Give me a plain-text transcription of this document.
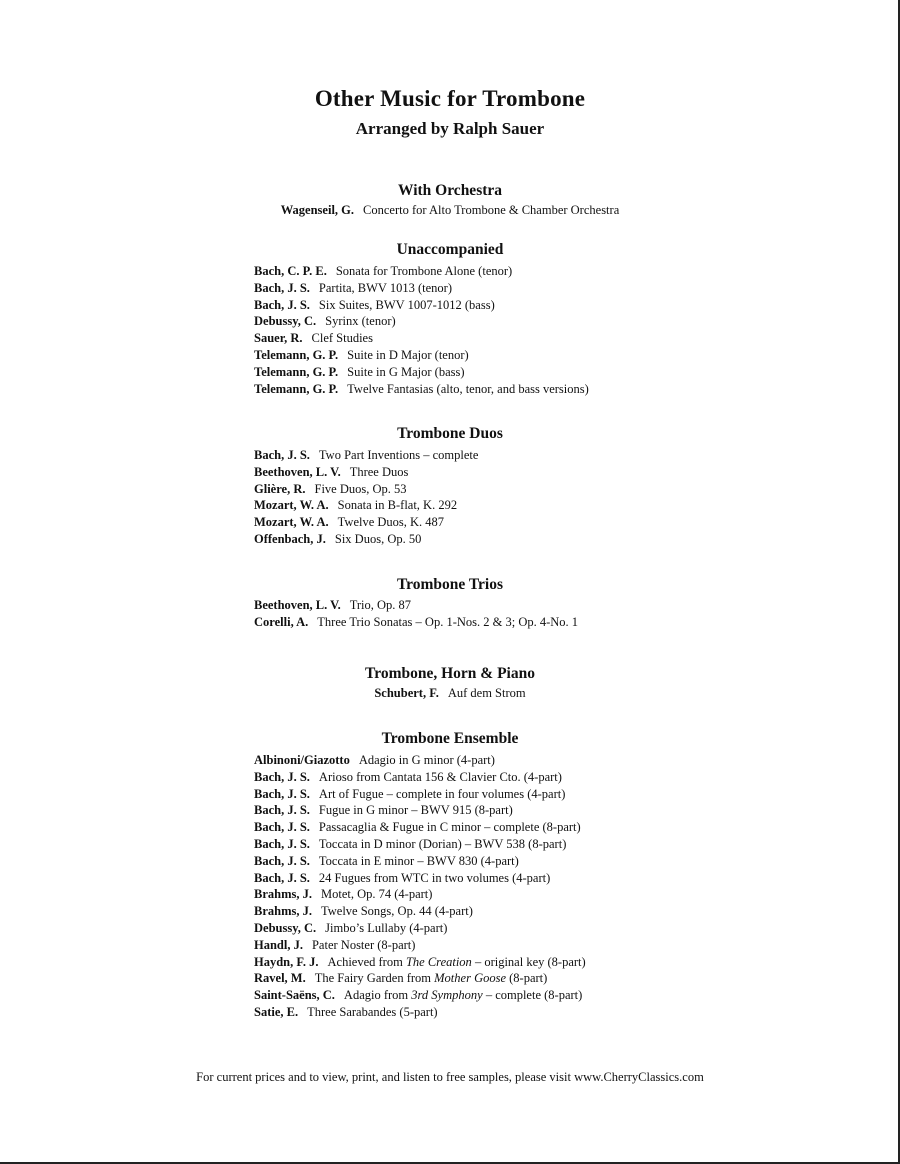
Other Music for Trombone
Arranged by Ralph Sauer
With Orchestra
Wagenseil, G. Concerto for Alto Trombone & Chamber Orchestra
Unaccompanied
Bach, C. P. E. Sonata for Trombone Alone (tenor)
Bach, J. S. Partita, BWV 1013 (tenor)
Bach, J. S. Six Suites, BWV 1007-1012 (bass)
Debussy, C. Syrinx (tenor)
Sauer, R. Clef Studies
Telemann, G. P. Suite in D Major (tenor)
Telemann, G. P. Suite in G Major (bass)
Telemann, G. P. Twelve Fantasias (alto, tenor, and bass versions)
Trombone Duos
Bach, J. S. Two Part Inventions – complete
Beethoven, L. V. Three Duos
Glière, R. Five Duos, Op. 53
Mozart, W. A. Sonata in B-flat, K. 292
Mozart, W. A. Twelve Duos, K. 487
Offenbach, J. Six Duos, Op. 50
Trombone Trios
Beethoven, L. V. Trio, Op. 87
Corelli, A. Three Trio Sonatas – Op. 1-Nos. 2 & 3; Op. 4-No. 1
Trombone, Horn & Piano
Schubert, F. Auf dem Strom
Trombone Ensemble
Albinoni/Giazotto Adagio in G minor (4-part)
Bach, J. S. Arioso from Cantata 156 & Clavier Cto. (4-part)
Bach, J. S. Art of Fugue – complete in four volumes (4-part)
Bach, J. S. Fugue in G minor – BWV 915 (8-part)
Bach, J. S. Passacaglia & Fugue in C minor – complete (8-part)
Bach, J. S. Toccata in D minor (Dorian) – BWV 538 (8-part)
Bach, J. S. Toccata in E minor – BWV 830 (4-part)
Bach, J. S. 24 Fugues from WTC in two volumes (4-part)
Brahms, J. Motet, Op. 74 (4-part)
Brahms, J. Twelve Songs, Op. 44 (4-part)
Debussy, C. Jimbo’s Lullaby (4-part)
Handl, J. Pater Noster (8-part)
Haydn, F. J. Achieved from The Creation – original key (8-part)
Ravel, M. The Fairy Garden from Mother Goose (8-part)
Saint-Saëns, C. Adagio from 3rd Symphony – complete (8-part)
Satie, E. Three Sarabandes (5-part)
For current prices and to view, print, and listen to free samples, please visit www.CherryClassics.com
